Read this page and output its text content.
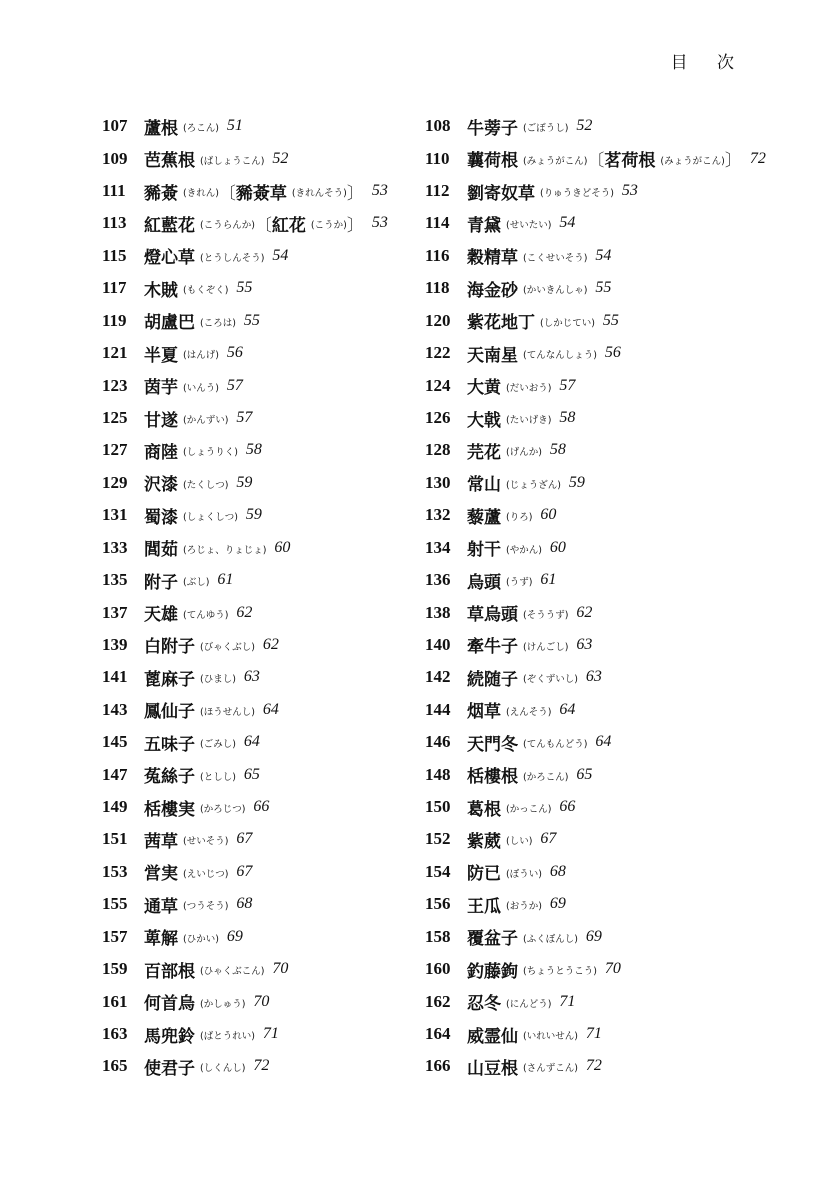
目 次
107 蘆根 (ろこん) 51
109 芭蕉根 (ばしょうこん) 52
111	豨薟 (きれん) 〔 豨薟草 (きれんそう) 〕 53
113	紅藍花 (こうらんか) 〔 紅花 (こうか) 〕 53
115	燈心草 (とうしんそう) 54
117	木賊 (もくぞく) 55
119	胡盧巴 (ころは) 55
121 半夏 (はんげ) 56
123 茵芋 (いんう) 57
125 甘遂 (かんずい) 57
127 商陸 (しょうりく) 58
129 沢漆 (たくしつ) 59
131 蜀漆 (しょくしつ) 59
133 閭茹 (ろじょ、りょじょ) 60
135 附子 (ぶし) 61
137 天雄 (てんゆう) 62
139 白附子 (びゃくぶし) 62
141 蓖麻子 (ひまし) 63
143 鳳仙子 (ほうせんし) 64
145 五味子 (ごみし) 64
147 菟絲子 (としし) 65
149 栝樓実 (かろじつ) 66
151 茜草 (せいそう) 67
153 営実 (えいじつ) 67
155 通草 (つうそう) 68
157 萆解 (ひかい) 69
159 百部根 (ひゃくぶこん) 70
161 何首烏 (かしゅう) 70
163 馬兜鈴 (ばとうれい) 71
165 使君子 (しくんし) 72
108 牛蒡子 (ごぼうし) 52
110	蘘荷根 (みょうがこん) 〔 茗荷根 (みょうがこん) 〕 72
112	劉寄奴草 (りゅうきどそう) 53
114	青黛 (せいたい) 54
116	穀精草 (こくせいそう) 54
118	海金砂 (かいきんしゃ) 55
120 紫花地丁 (しかじてい) 55
122 天南星 (てんなんしょう) 56
124 大黄 (だいおう) 57
126 大戟 (たいげき) 58
128 芫花 (げんか) 58
130 常山 (じょうざん) 59
132 藜蘆 (りろ) 60
134 射干 (やかん) 60
136 烏頭 (うず) 61
138 草烏頭 (そううず) 62
140 牽牛子 (けんごし) 63
142 続随子 (ぞくずいし) 63
144 烟草 (えんそう) 64
146 天門冬 (てんもんどう) 64
148 栝樓根 (かろこん) 65
150 葛根 (かっこん) 66
152 紫葳 (しい) 67
154 防已 (ぼうい) 68
156 王瓜 (おうか) 69
158 覆盆子 (ふくぼんし) 69
160 釣藤鉤 (ちょうとうこう) 70
162 忍冬 (にんどう) 71
164 威霊仙 (いれいせん) 71
166 山豆根 (さんずこん) 72
